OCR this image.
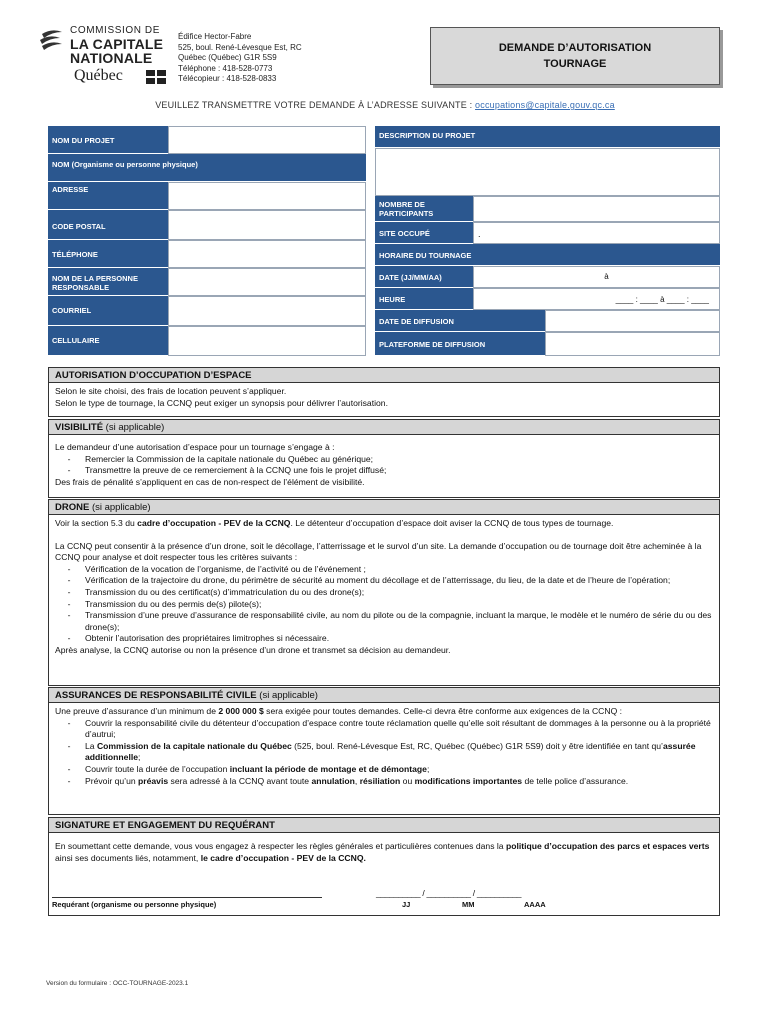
COMMISSION DE
LA CAPITALE
NATIONALE
Québec
Édifice Hector-Fabre
525, boul. René-Lévesque Est, RC
Québec (Québec) G1R 5S9
Téléphone : 418-528-0773
Télécopieur : 418-528-0833
DEMANDE D’AUTORISATION
TOURNAGE
VEUILLEZ TRANSMETTRE VOTRE DEMANDE À L’ADRESSE SUIVANTE : occupations@capitale.gouv.qc.ca
NOM DU PROJET
NOM (Organisme ou personne physique)
ADRESSE
CODE POSTAL
TÉLÉPHONE
NOM DE LA PERSONNE RESPONSABLE
COURRIEL
CELLULAIRE
DESCRIPTION DU PROJET
NOMBRE DE PARTICIPANTS
SITE OCCUPÉ	.
HORAIRE DU TOURNAGE
DATE (JJ/MM/AA)	à
HEURE	____ : ____ à ____ : ____
DATE DE DIFFUSION
PLATEFORME DE DIFFUSION
AUTORISATION D’OCCUPATION D’ESPACE
Selon le site choisi, des frais de location peuvent s’appliquer.
Selon le type de tournage, la CCNQ peut exiger un synopsis pour délivrer l’autorisation.
VISIBILITÉ (si applicable)
Le demandeur d’une autorisation d’espace pour un tournage s’engage à :
-	Remercier la Commission de la capitale nationale du Québec au générique;
-	Transmettre la preuve de ce remerciement à la CCNQ une fois le projet diffusé;
Des frais de pénalité s’appliquent en cas de non-respect de l’élément de visibilité.
DRONE (si applicable)
Voir la section 5.3 du cadre d’occupation - PEV de la CCNQ. Le détenteur d’occupation d’espace doit aviser la CCNQ de tous types de tournage.
La CCNQ peut consentir à la présence d’un drone, soit le décollage, l’atterrissage et le survol d’un site. La demande d’occupation ou de tournage doit être acheminée à la CCNQ pour analyse et doit respecter tous les critères suivants :
-	Vérification de la vocation de l’organisme, de l’activité ou de l’événement ;
-	Vérification de la trajectoire du drone, du périmètre de sécurité au moment du décollage et de l’atterrissage, du lieu, de la date et de l’heure de l’opération;
-	Transmission du ou des certificat(s) d’immatriculation du ou des drone(s);
-	Transmission du ou des permis de(s) pilote(s);
-	Transmission d’une preuve d’assurance de responsabilité civile, au nom du pilote ou de la compagnie, incluant la marque, le modèle et le numéro de série du ou des drone(s);
-	Obtenir l’autorisation des propriétaires limitrophes si nécessaire.
Après analyse, la CCNQ autorise ou non la présence d’un drone et transmet sa décision au demandeur.
ASSURANCES DE RESPONSABILITÉ CIVILE (si applicable)
Une preuve d’assurance d’un minimum de 2 000 000 $ sera exigée pour toutes demandes. Celle-ci devra être conforme aux exigences de la CCNQ :
-	Couvrir la responsabilité civile du détenteur d’occupation d’espace contre toute réclamation quelle qu’elle soit résultant de dommages à la personne ou à la propriété d’autrui;
-	La Commission de la capitale nationale du Québec (525, boul. René-Lévesque Est, RC, Québec (Québec) G1R 5S9) doit y être identifiée en tant qu’assurée additionnelle;
-	Couvrir toute la durée de l’occupation incluant la période de montage et de démontage;
-	Prévoir qu’un préavis sera adressé à la CCNQ avant toute annulation, résiliation ou modifications importantes de telle police d’assurance.
SIGNATURE ET ENGAGEMENT DU REQUÉRANT
En soumettant cette demande, vous vous engagez à respecter les règles générales et particulières contenues dans la politique d’occupation des parcs et espaces verts ainsi ses documents liés, notamment, le cadre d’occupation - PEV de la CCNQ.
Requérant (organisme ou personne physique)
__________ / __________ / __________
JJ	MM	AAAA
Version du formulaire : OCC-TOURNAGE-2023.1
